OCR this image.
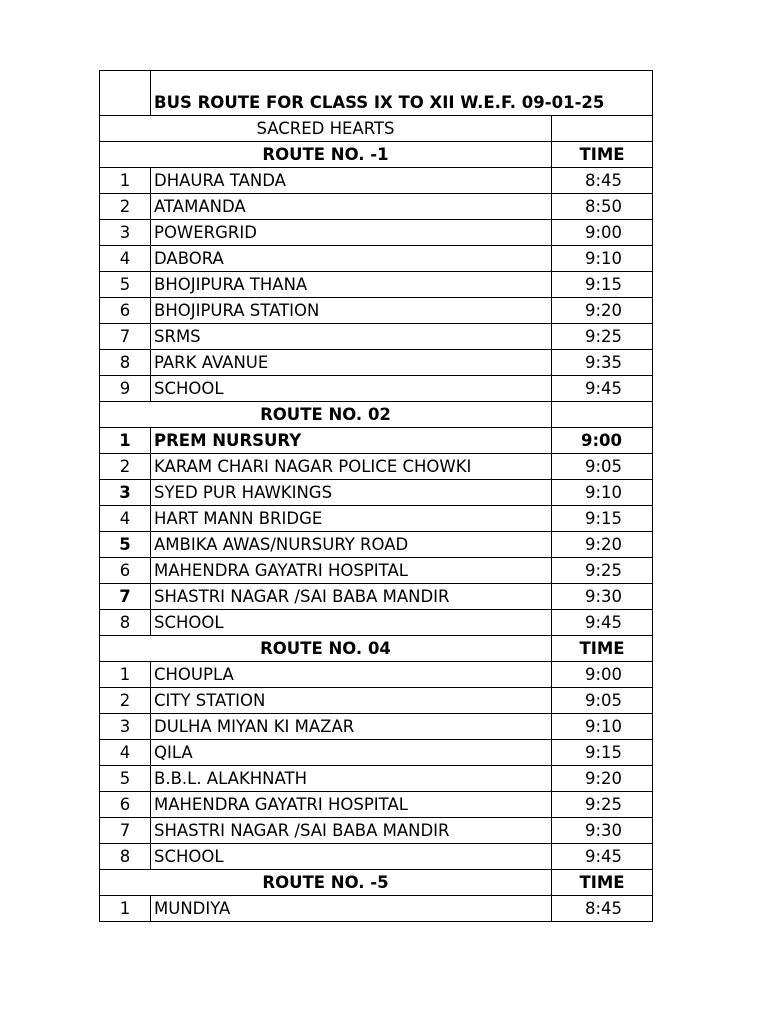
	BUS ROUTE FOR CLASS IX TO XII W.E.F. 09-01-25	
SACRED HEARTS		
ROUTE NO. -1		TIME
1	DHAURA TANDA	8:45
2	ATAMANDA	8:50
3	POWERGRID	9:00
4	DABORA	9:10
5	BHOJIPURA THANA	9:15
6	BHOJIPURA STATION	9:20
7	SRMS	9:25
8	PARK AVANUE	9:35
9	SCHOOL	9:45
ROUTE NO. 02		
1	PREM NURSURY	9:00
2	KARAM CHARI NAGAR POLICE CHOWKI	9:05
3	SYED PUR HAWKINGS	9:10
4	HART MANN BRIDGE	9:15
5	AMBIKA AWAS/NURSURY ROAD	9:20
6	MAHENDRA GAYATRI HOSPITAL	9:25
7	SHASTRI NAGAR /SAI BABA MANDIR	9:30
8	SCHOOL	9:45
ROUTE NO. 04		TIME
1	CHOUPLA	9:00
2	CITY STATION	9:05
3	DULHA MIYAN KI MAZAR	9:10
4	QILA	9:15
5	B.B.L. ALAKHNATH	9:20
6	MAHENDRA GAYATRI HOSPITAL	9:25
7	SHASTRI NAGAR /SAI BABA MANDIR	9:30
8	SCHOOL	9:45
ROUTE NO. -5		TIME
1	MUNDIYA	8:45
